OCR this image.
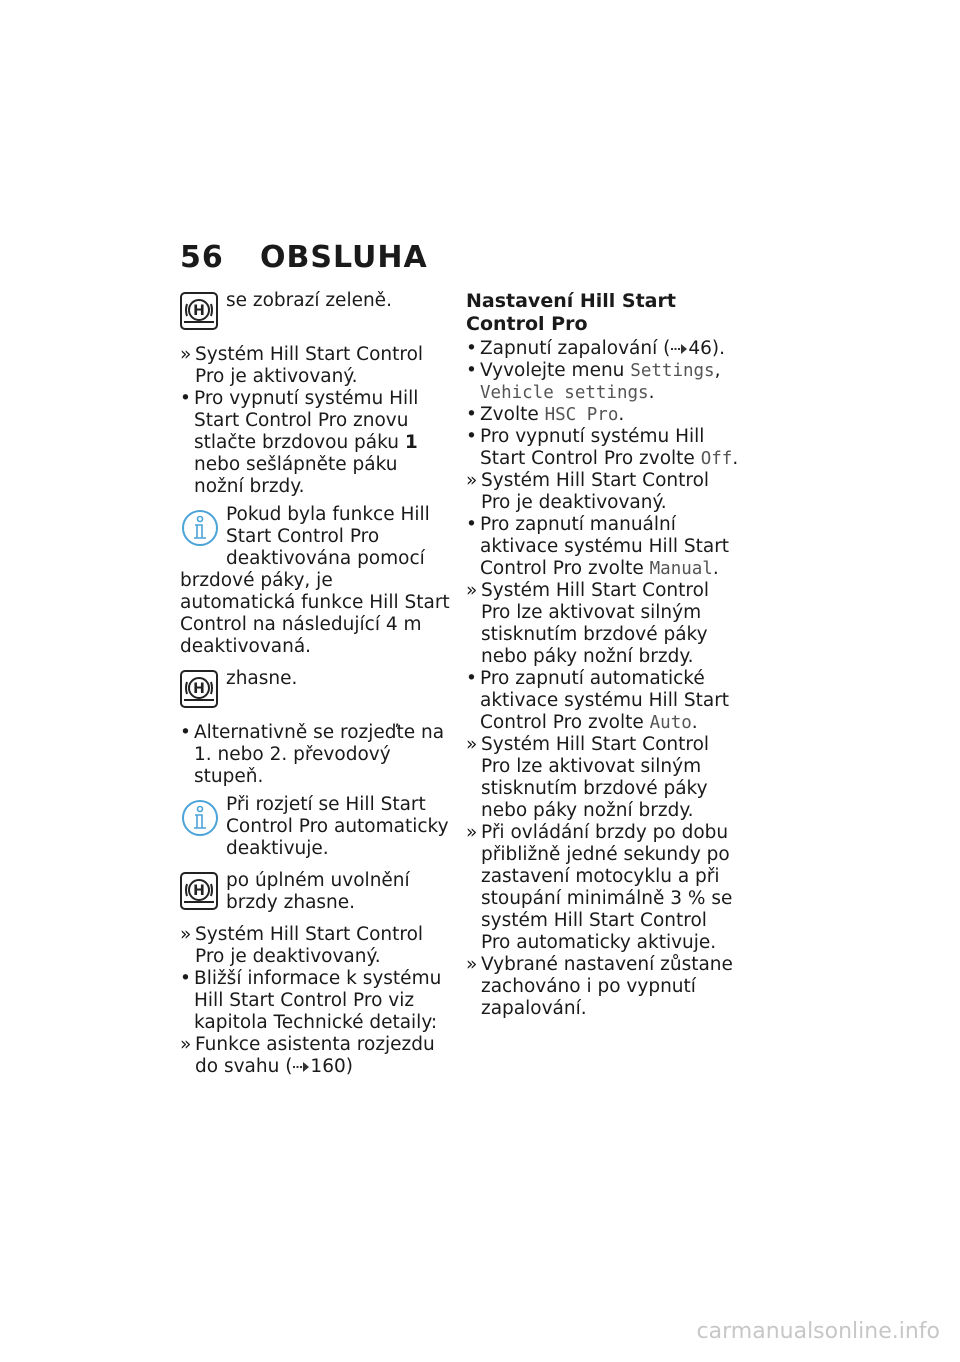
56 OBSLUHA
H se zobrazí zeleně.

» Systém Hill Start Control Pro je aktivovaný.

• Pro vypnutí systému Hill Start Control Pro znovu stlačte brzdovou páku 1 nebo sešlápněte páku nožní brzdy.

Pokud byla funkce Hill Start Control Pro deaktivována pomocí brzdové páky, je automatická funkce Hill Start Control na následující 4 m deaktivovaná.
H zhasne.

• Alternativně se rozjeďte na 1. nebo 2. převodový stupeň.

Při rozjetí se Hill Start Control Pro automaticky deaktivuje.
H po úplném uvolnění brzdy zhasne.

» Systém Hill Start Control Pro je deaktivovaný.

• Bližší informace k systému Hill Start Control Pro viz kapitola Technické detaily:

» Funkce asistenta rozjezdu do svahu ( 160)

Nastavení Hill Start Control Pro

• Zapnutí zapalování ( 46).

• Vyvolejte menu Settings, Vehicle settings.

• Zvolte HSC Pro.

• Pro vypnutí systému Hill Start Control Pro zvolte Off.

» Systém Hill Start Control Pro je deaktivovaný.

• Pro zapnutí manuální aktivace systému Hill Start Control Pro zvolte Manual.

» Systém Hill Start Control Pro lze aktivovat silným stisknutím brzdové páky nebo páky nožní brzdy.

• Pro zapnutí automatické aktivace systému Hill Start Control Pro zvolte Auto.

» Systém Hill Start Control Pro lze aktivovat silným stisknutím brzdové páky nebo páky nožní brzdy.

» Při ovládání brzdy po dobu přibližně jedné sekundy po zastavení motocyklu a při stoupání minimálně 3 % se systém Hill Start Control Pro automaticky aktivuje.

» Vybrané nastavení zůstane zachováno i po vypnutí zapalování.

carmanualsonline.info
